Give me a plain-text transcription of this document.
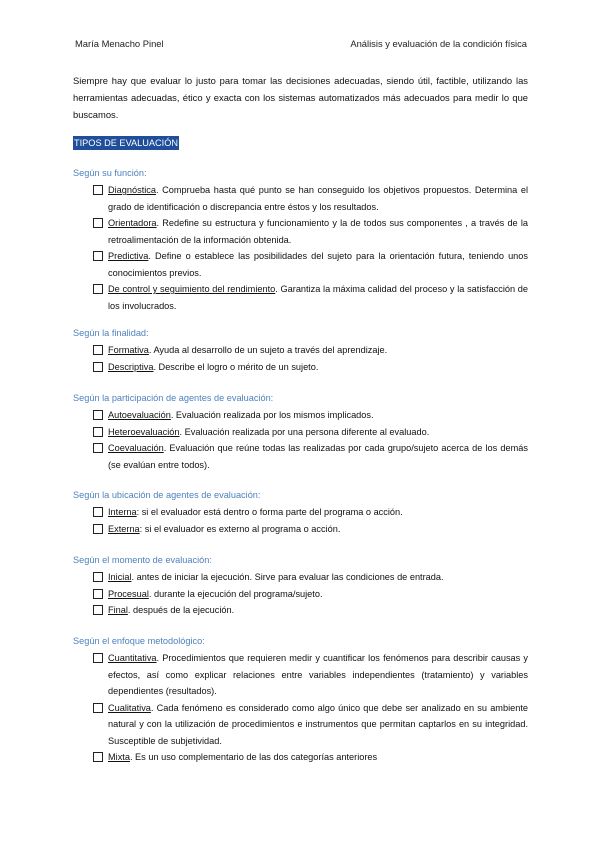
María Menacho Pinel	Análisis y evaluación de la condición física
Siempre hay que evaluar lo justo para tomar las decisiones adecuadas, siendo útil, factible, utilizando las herramientas adecuadas, ético y exacta con los sistemas automatizados más adecuados para medir lo que buscamos.
TIPOS DE EVALUACIÓN
Según su función:
Diagnóstica. Comprueba hasta qué punto se han conseguido los objetivos propuestos. Determina el grado de identificación o discrepancia entre éstos y los resultados.
Orientadora. Redefine su estructura y funcionamiento y la de todos sus componentes , a través de la retroalimentación de la información obtenida.
Predictiva. Define o establece las posibilidades del sujeto para la orientación futura, teniendo unos conocimientos previos.
De control y seguimiento del rendimiento. Garantiza la máxima calidad del proceso y la satisfacción de los involucrados.
Según la finalidad:
Formativa. Ayuda al desarrollo de un sujeto a través del aprendizaje.
Descriptiva. Describe el logro o mérito de un sujeto.
Según la participación de agentes de evaluación:
Autoevaluación. Evaluación realizada por los mismos implicados.
Heteroevaluación. Evaluación realizada por una persona diferente al evaluado.
Coevaluación. Evaluación que reúne todas las realizadas por cada grupo/sujeto acerca de los demás (se evalúan entre todos).
Según la ubicación de agentes de evaluación:
Interna: si el evaluador está dentro o forma parte del programa o acción.
Externa: si el evaluador es externo al programa o acción.
Según el momento de evaluación:
Inicial. antes de iniciar la ejecución. Sirve para evaluar las condiciones de entrada.
Procesual. durante la ejecución del programa/sujeto.
Final. después de la ejecución.
Según el enfoque metodológico:
Cuantitativa. Procedimientos que requieren medir y cuantificar los fenómenos para describir causas y efectos, así como explicar relaciones entre variables independientes (tratamiento) y variables dependientes (resultados).
Cualitativa. Cada fenómeno es considerado como algo único que debe ser analizado en su ambiente natural y con la utilización de procedimientos e instrumentos que permitan captarlos en su integridad. Susceptible de subjetividad.
Mixta. Es un uso complementario de las dos categorías anteriores
